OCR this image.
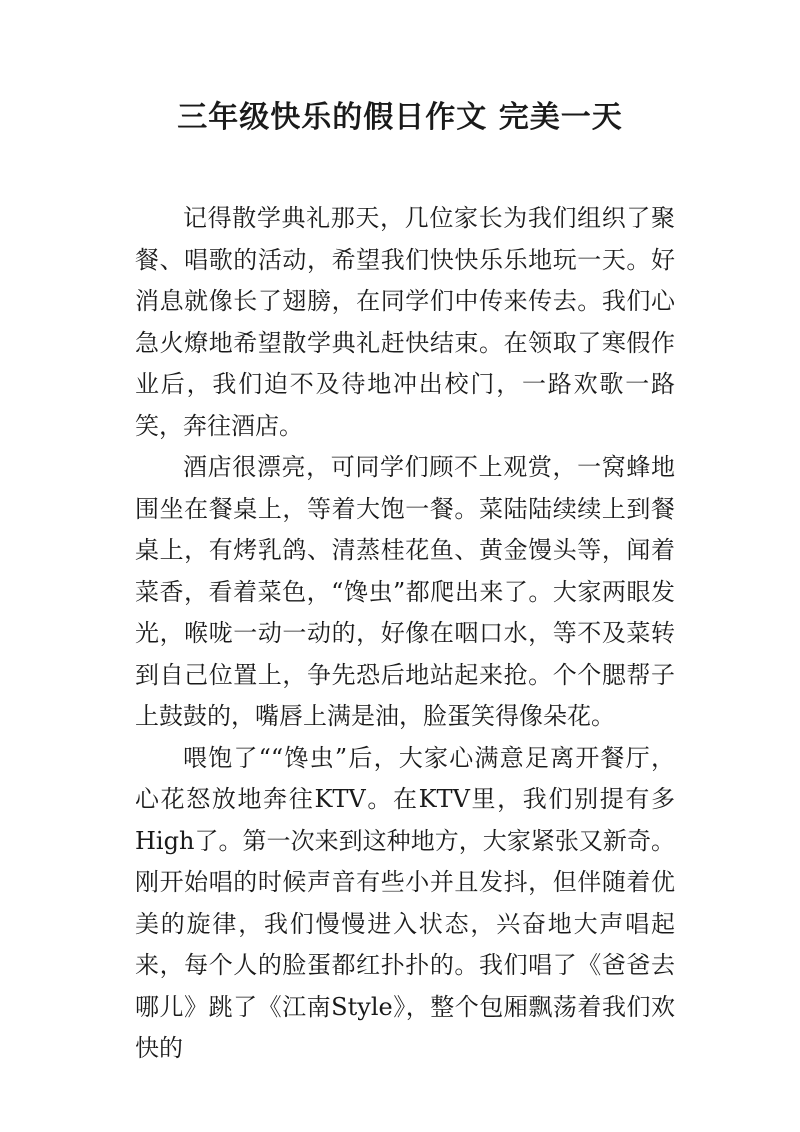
三年级快乐的假日作文 完美一天

记得散学典礼那天，几位家长为我们组织了聚餐、唱歌的活动，希望我们快快乐乐地玩一天。好消息就像长了翅膀，在同学们中传来传去。我们心急火燎地希望散学典礼赶快结束。在领取了寒假作业后，我们迫不及待地冲出校门，一路欢歌一路笑，奔往酒店。

酒店很漂亮，可同学们顾不上观赏，一窝蜂地围坐在餐桌上，等着大饱一餐。菜陆陆续续上到餐桌上，有烤乳鸽、清蒸桂花鱼、黄金馒头等，闻着菜香，看着菜色，“馋虫”都爬出来了。大家两眼发光，喉咙一动一动的，好像在咽口水，等不及菜转到自己位置上，争先恐后地站起来抢。个个腮帮子上鼓鼓的，嘴唇上满是油，脸蛋笑得像朵花。

喂饱了““馋虫”后，大家心满意足离开餐厅，心花怒放地奔往KTV。在KTV里，我们别提有多High了。第一次来到这种地方，大家紧张又新奇。刚开始唱的时候声音有些小并且发抖，但伴随着优美的旋律，我们慢慢进入状态，兴奋地大声唱起来，每个人的脸蛋都红扑扑的。我们唱了《爸爸去哪儿》跳了《江南Style》，整个包厢飘荡着我们欢快的
